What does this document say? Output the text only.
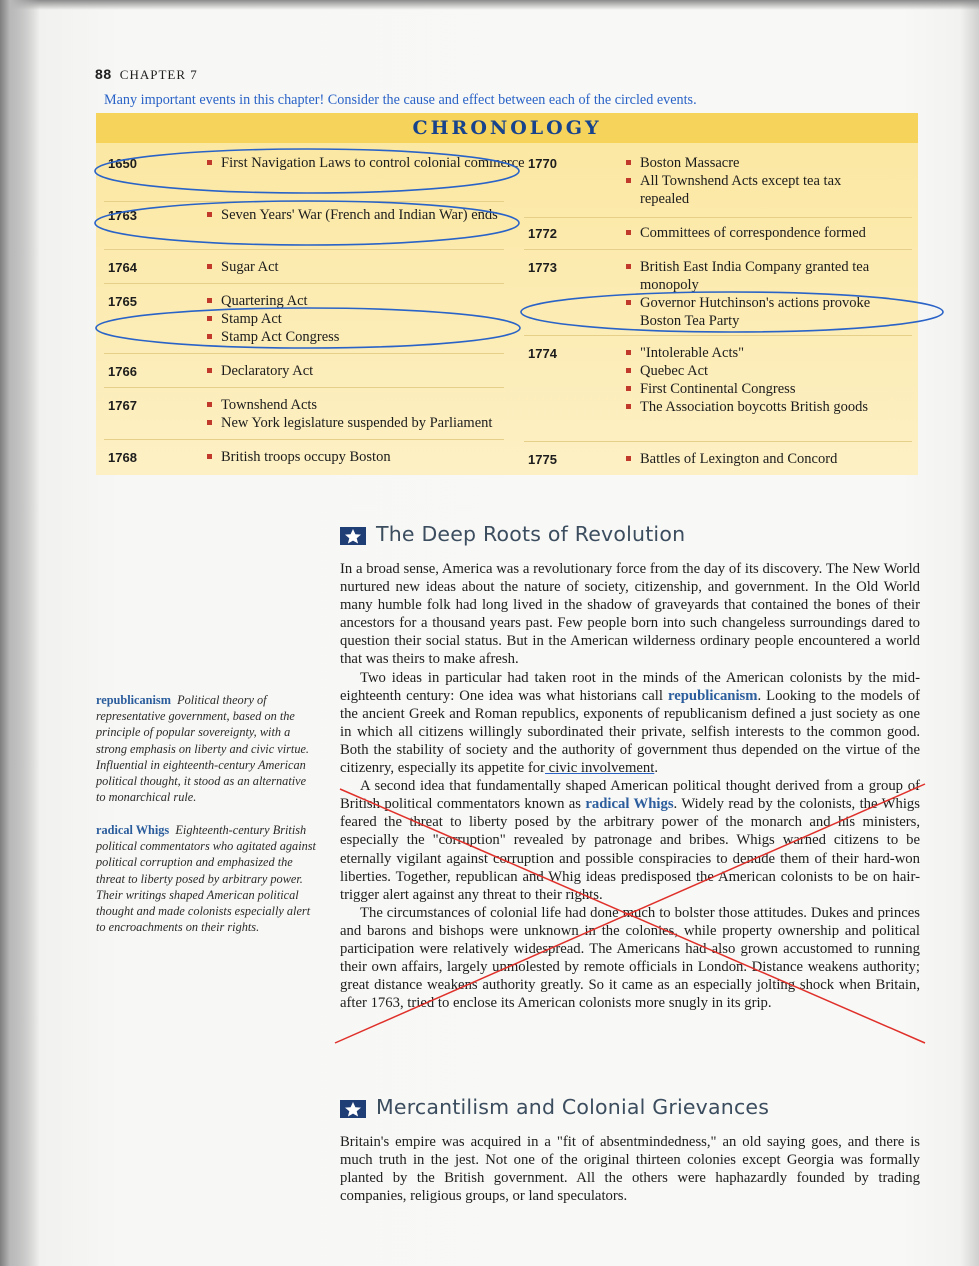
88 CHAPTER 7
Many important events in this chapter! Consider the cause and effect between each of the circled events.
CHRONOLOGY
1650	First Navigation Laws to control colonial commerce
1763	Seven Years' War (French and Indian War) ends
1764	Sugar Act
1765	Quartering Act
Stamp Act
Stamp Act Congress
1766	Declaratory Act
1767	Townshend Acts
New York legislature suspended by Parliament
1768	British troops occupy Boston
1770	Boston Massacre
All Townshend Acts except tea tax repealed
1772	Committees of correspondence formed
1773	British East India Company granted tea monopoly
Governor Hutchinson's actions provoke Boston Tea Party
1774	"Intolerable Acts"
Quebec Act
First Continental Congress
The Association boycotts British goods
1775	Battles of Lexington and Concord
The Deep Roots of Revolution

In a broad sense, America was a revolutionary force from the day of its discovery. The New World nurtured new ideas about the nature of society, citizenship, and government. In the Old World many humble folk had long lived in the shadow of graveyards that contained the bones of their ancestors for a thousand years past. Few people born into such changeless surroundings dared to question their social status. But in the American wilderness ordinary people encountered a world that was theirs to make afresh.

Two ideas in particular had taken root in the minds of the American colonists by the mid-eighteenth century: One idea was what historians call republicanism. Looking to the models of the ancient Greek and Roman republics, exponents of republicanism defined a just society as one in which all citizens willingly subordinated their private, selfish interests to the common good. Both the stability of society and the authority of government thus depended on the virtue of the citizenry, especially its appetite for civic involvement.

A second idea that fundamentally shaped American political thought derived from a group of British political commentators known as radical Whigs. Widely read by the colonists, the Whigs feared the threat to liberty posed by the arbitrary power of the monarch and his ministers, especially the "corruption" revealed by patronage and bribes. Whigs warned citizens to be eternally vigilant against corruption and possible conspiracies to denude them of their hard-won liberties. Together, republican and Whig ideas predisposed the American colonists to be on hair-trigger alert against any threat to their rights.

The circumstances of colonial life had done much to bolster those attitudes. Dukes and princes and barons and bishops were unknown in the colonies, while property ownership and political participation were relatively widespread. The Americans had also grown accustomed to running their own affairs, largely unmolested by remote officials in London. Distance weakens authority; great distance weakens authority greatly. So it came as an especially jolting shock when Britain, after 1763, tried to enclose its American colonists more snugly in its grip.

republicanism Political theory of representative government, based on the principle of popular sovereignty, with a strong emphasis on liberty and civic virtue. Influential in eighteenth-century American political thought, it stood as an alternative to monarchical rule.
radical Whigs Eighteenth-century British political commentators who agitated against political corruption and emphasized the threat to liberty posed by arbitrary power. Their writings shaped American political thought and made colonists especially alert to encroachments on their rights.
Mercantilism and Colonial Grievances

Britain's empire was acquired in a "fit of absentmindedness," an old saying goes, and there is much truth in the jest. Not one of the original thirteen colonies except Georgia was formally planted by the British government. All the others were haphazardly founded by trading companies, religious groups, or land speculators.
